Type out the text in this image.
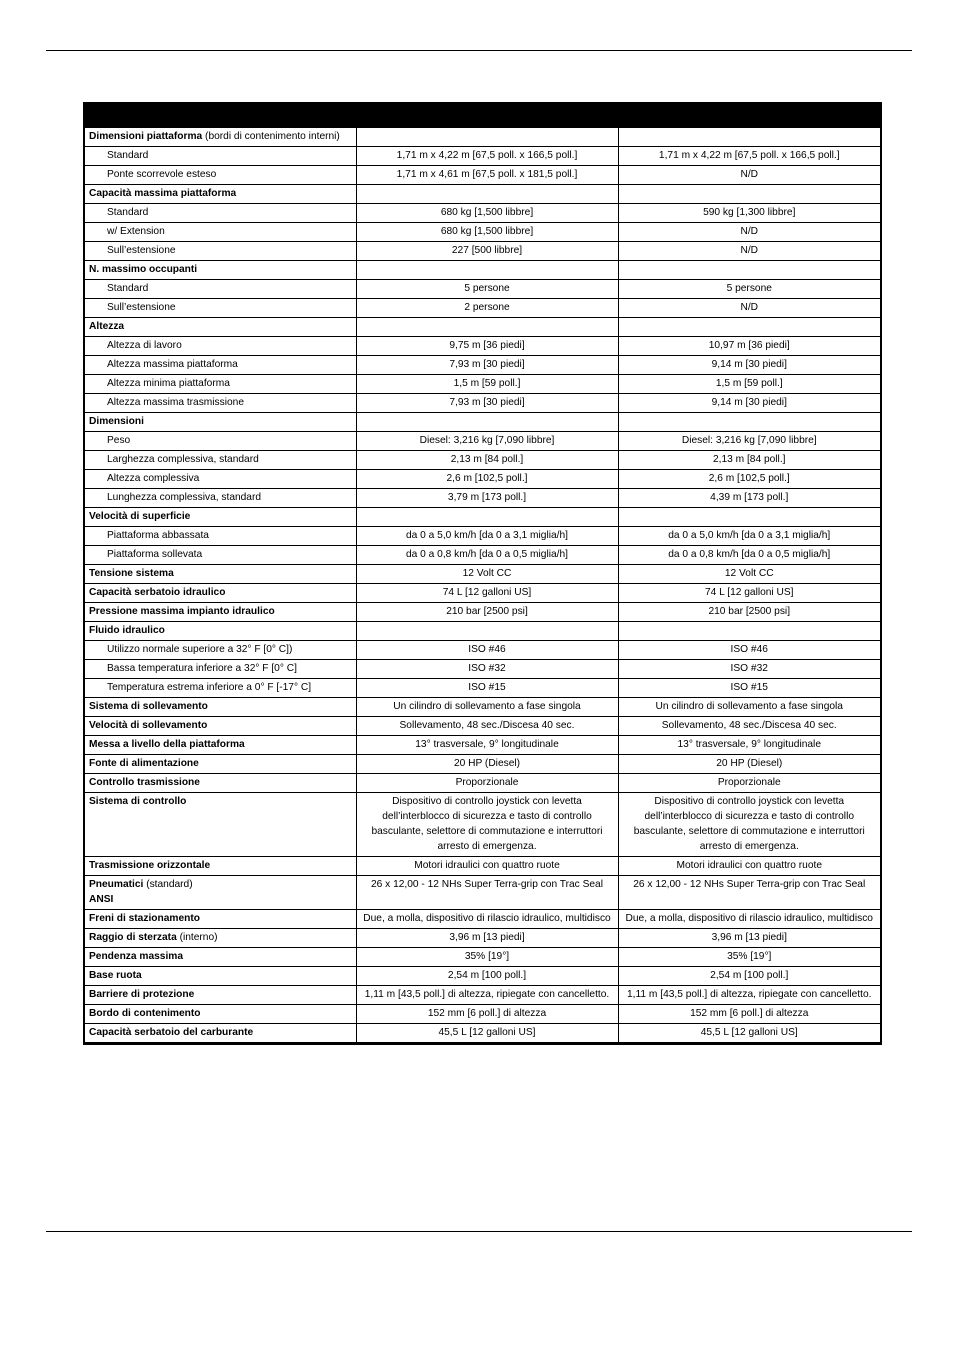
Dimensioni piattaforma (bordi di contenimento interni)		
Standard	1,71 m x 4,22 m [67,5 poll. x 166,5 poll.]	1,71 m x 4,22 m [67,5 poll. x 166,5 poll.]
Ponte scorrevole esteso	1,71 m x 4,61 m [67,5 poll. x 181,5 poll.]	N/D
Capacità massima piattaforma		
Standard	680 kg [1,500 libbre]	590 kg [1,300 libbre]
w/ Extension	680 kg [1,500 libbre]	N/D
Sull’estensione	227 [500 libbre]	N/D
N. massimo occupanti		
Standard	5 persone	5 persone
Sull’estensione	2 persone	N/D
Altezza		
Altezza di lavoro	9,75 m [36 piedi]	10,97 m [36 piedi]
Altezza massima piattaforma	7,93 m [30 piedi]	9,14 m [30 piedi]
Altezza minima piattaforma	1,5 m [59 poll.]	1,5 m [59 poll.]
Altezza massima trasmissione	7,93 m [30 piedi]	9,14 m [30 piedi]
Dimensioni		
Peso	Diesel: 3,216 kg [7,090 libbre]	Diesel: 3,216 kg [7,090 libbre]
Larghezza complessiva, standard	2,13 m [84 poll.]	2,13 m [84 poll.]
Altezza complessiva	2,6 m [102,5 poll.]	2,6 m [102,5 poll.]
Lunghezza complessiva, standard	3,79 m [173 poll.]	4,39 m [173 poll.]
Velocità di superficie		
Piattaforma abbassata	da 0 a 5,0 km/h [da 0 a 3,1 miglia/h]	da 0 a 5,0 km/h [da 0 a 3,1 miglia/h]
Piattaforma sollevata	da 0 a 0,8 km/h [da 0 a 0,5 miglia/h]	da 0 a 0,8 km/h [da 0 a 0,5 miglia/h]
Tensione sistema	12 Volt CC	12 Volt CC
Capacità serbatoio idraulico	74 L [12 galloni US]	74 L [12 galloni US]
Pressione massima impianto idraulico	210 bar [2500 psi]	210 bar [2500 psi]
Fluido idraulico		
Utilizzo normale superiore a 32° F [0° C])	ISO #46	ISO #46
Bassa temperatura inferiore a 32° F [0° C]	ISO #32	ISO #32
Temperatura estrema inferiore a 0° F [-17° C]	ISO #15	ISO #15
Sistema di sollevamento	Un cilindro di sollevamento a fase singola	Un cilindro di sollevamento a fase singola
Velocità di sollevamento	Sollevamento, 48 sec./Discesa 40 sec.	Sollevamento, 48 sec./Discesa 40 sec.
Messa a livello della piattaforma	13° trasversale, 9° longitudinale	13° trasversale, 9° longitudinale
Fonte di alimentazione	20 HP (Diesel)	20 HP (Diesel)
Controllo trasmissione	Proporzionale	Proporzionale
Sistema di controllo	Dispositivo di controllo joystick con levetta dell’interblocco di sicurezza e tasto di controllo basculante, selettore di commutazione e interruttori arresto di emergenza.	Dispositivo di controllo joystick con levetta dell’interblocco di sicurezza e tasto di controllo basculante, selettore di commutazione e interruttori arresto di emergenza.
Trasmissione orizzontale	Motori idraulici con quattro ruote	Motori idraulici con quattro ruote
Pneumatici (standard)
ANSI	26 x 12,00 - 12 NHs Super Terra-grip con Trac Seal	26 x 12,00 - 12 NHs Super Terra-grip con Trac Seal
Freni di stazionamento	Due, a molla, dispositivo di rilascio idraulico, multidisco	Due, a molla, dispositivo di rilascio idraulico, multidisco
Raggio di sterzata (interno)	3,96 m [13 piedi]	3,96 m [13 piedi]
Pendenza massima	35% [19°]	35% [19°]
Base ruota	2,54 m [100 poll.]	2,54 m [100 poll.]
Barriere di protezione	1,11 m [43,5 poll.] di altezza, ripiegate con cancelletto.	1,11 m [43,5 poll.] di altezza, ripiegate con cancelletto.
Bordo di contenimento	152 mm [6 poll.] di altezza	152 mm [6 poll.] di altezza
Capacità serbatoio del carburante	45,5 L [12 galloni US]	45,5 L [12 galloni US]
